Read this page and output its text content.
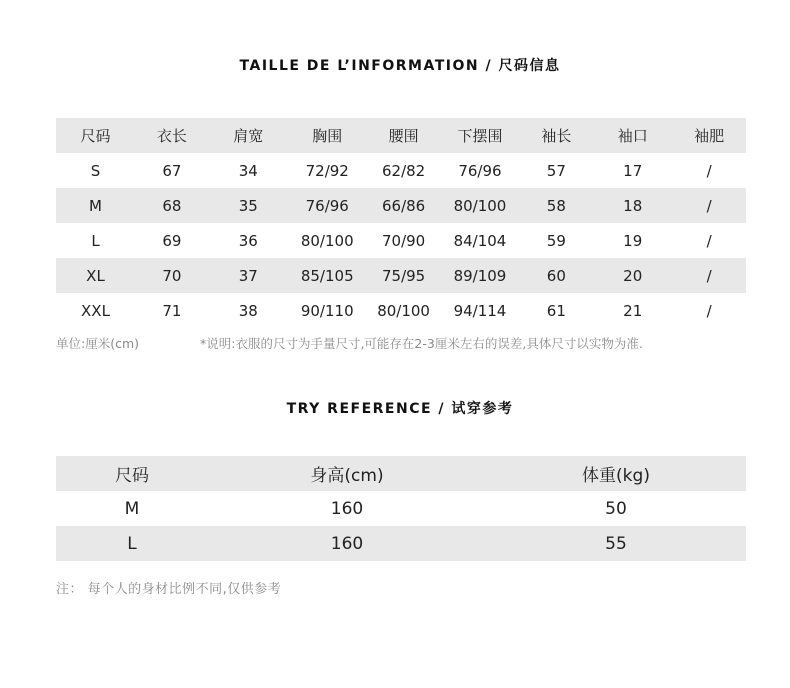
TAILLE DE L’INFORMATION / 尺码信息
尺码	衣长	肩宽	胸围	腰围	下摆围	袖长	袖口	袖肥
S	67	34	72/92	62/82	76/96	57	17	/
M	68	35	76/96	66/86	80/100	58	18	/
L	69	36	80/100	70/90	84/104	59	19	/
XL	70	37	85/105	75/95	89/109	60	20	/
XXL	71	38	90/110	80/100	94/114	61	21	/
单位:厘米(cm)	*说明:衣服的尺寸为手量尺寸,可能存在2-3厘米左右的误差,具体尺寸以实物为准.
TRY REFERENCE / 试穿参考
尺码	身高(cm)	体重(kg)
M	160	50
L	160	55
注： 每个人的身材比例不同,仅供参考
